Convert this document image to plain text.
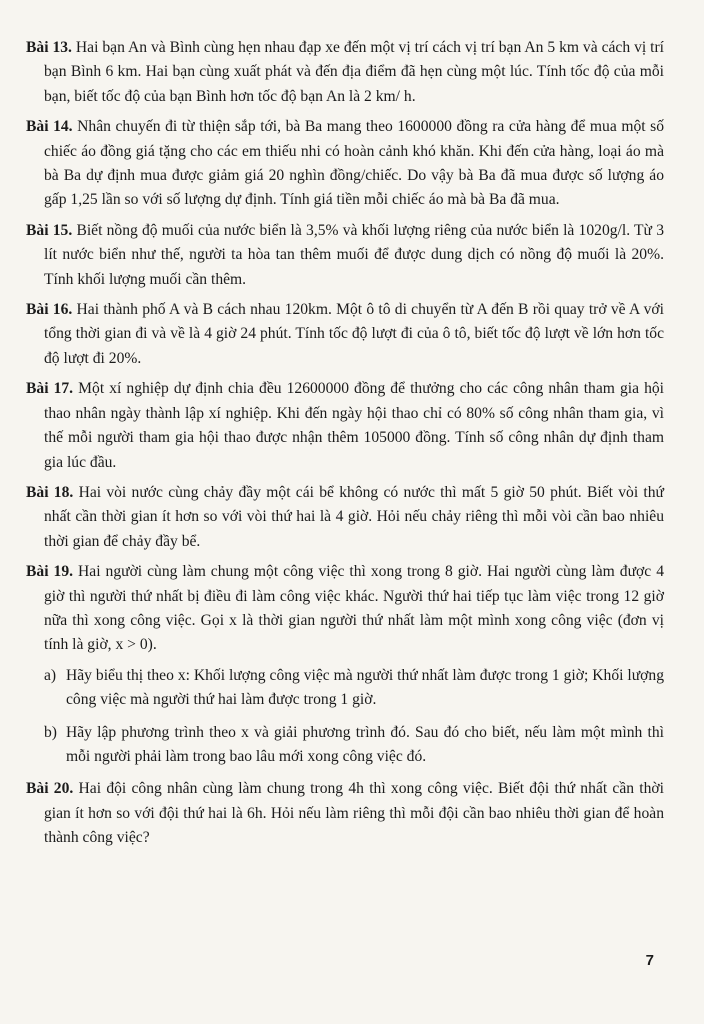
Bài 13. Hai bạn An và Bình cùng hẹn nhau đạp xe đến một vị trí cách vị trí bạn An 5 km và cách vị trí bạn Bình 6 km. Hai bạn cùng xuất phát và đến địa điểm đã hẹn cùng một lúc. Tính tốc độ của mỗi bạn, biết tốc độ của bạn Bình hơn tốc độ bạn An là 2 km/ h.

Bài 14. Nhân chuyến đi từ thiện sắp tới, bà Ba mang theo 1600000 đồng ra cửa hàng để mua một số chiếc áo đồng giá tặng cho các em thiếu nhi có hoàn cảnh khó khăn. Khi đến cửa hàng, loại áo mà bà Ba dự định mua được giảm giá 20 nghìn đồng/chiếc. Do vậy bà Ba đã mua được số lượng áo gấp 1,25 lần so với số lượng dự định. Tính giá tiền mỗi chiếc áo mà bà Ba đã mua.

Bài 15. Biết nồng độ muối của nước biển là 3,5% và khối lượng riêng của nước biển là 1020g/l. Từ 3 lít nước biển như thế, người ta hòa tan thêm muối để được dung dịch có nồng độ muối là 20%. Tính khối lượng muối cần thêm.

Bài 16. Hai thành phố A và B cách nhau 120km. Một ô tô di chuyển từ A đến B rồi quay trở về A với tổng thời gian đi và về là 4 giờ 24 phút. Tính tốc độ lượt đi của ô tô, biết tốc độ lượt về lớn hơn tốc độ lượt đi 20%.

Bài 17. Một xí nghiệp dự định chia đều 12600000 đồng để thưởng cho các công nhân tham gia hội thao nhân ngày thành lập xí nghiệp. Khi đến ngày hội thao chỉ có 80% số công nhân tham gia, vì thế mỗi người tham gia hội thao được nhận thêm 105000 đồng. Tính số công nhân dự định tham gia lúc đầu.

Bài 18. Hai vòi nước cùng chảy đầy một cái bể không có nước thì mất 5 giờ 50 phút. Biết vòi thứ nhất cần thời gian ít hơn so với vòi thứ hai là 4 giờ. Hỏi nếu chảy riêng thì mỗi vòi cần bao nhiêu thời gian để chảy đầy bể.

Bài 19. Hai người cùng làm chung một công việc thì xong trong 8 giờ. Hai người cùng làm được 4 giờ thì người thứ nhất bị điều đi làm công việc khác. Người thứ hai tiếp tục làm việc trong 12 giờ nữa thì xong công việc. Gọi x là thời gian người thứ nhất làm một mình xong công việc (đơn vị tính là giờ, x > 0).

a) Hãy biểu thị theo x: Khối lượng công việc mà người thứ nhất làm được trong 1 giờ; Khối lượng công việc mà người thứ hai làm được trong 1 giờ.

b) Hãy lập phương trình theo x và giải phương trình đó. Sau đó cho biết, nếu làm một mình thì mỗi người phải làm trong bao lâu mới xong công việc đó.

Bài 20. Hai đội công nhân cùng làm chung trong 4h thì xong công việc. Biết đội thứ nhất cần thời gian ít hơn so với đội thứ hai là 6h. Hỏi nếu làm riêng thì mỗi đội cần bao nhiêu thời gian để hoàn thành công việc?

7
